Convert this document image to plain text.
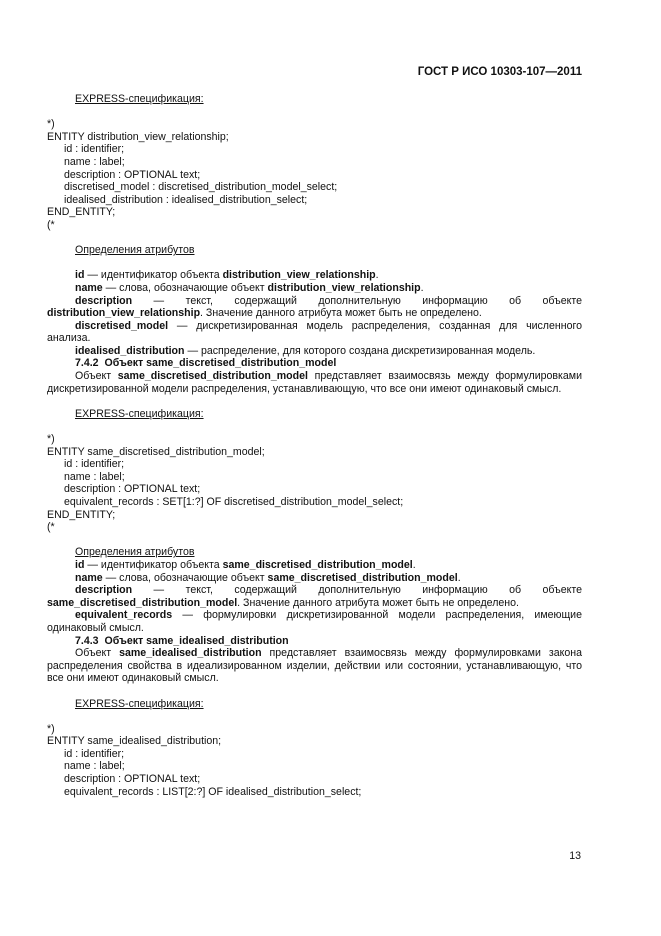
ГОСТ Р ИСО 10303-107—2011
EXPRESS-спецификация:
*)
ENTITY distribution_view_relationship;
id : identifier;
name : label;
description : OPTIONAL text;
discretised_model : discretised_distribution_model_select;
idealised_distribution : idealised_distribution_select;
END_ENTITY;
(*
Определения атрибутов

id — идентификатор объекта distribution_view_relationship.

name — слова, обозначающие объект distribution_view_relationship.

description — текст, содержащий дополнительную информацию об объекте distribution_view_relationship. Значение данного атрибута может быть не определено.

discretised_model — дискретизированная модель распределения, созданная для численного анализа.

idealised_distribution — распределение, для которого создана дискретизированная модель.

7.4.2 Объект same_discretised_distribution_model

Объект same_discretised_distribution_model представляет взаимосвязь между формулировками дискретизированной модели распределения, устанавливающую, что все они имеют одинаковый смысл.

EXPRESS-спецификация:
*)
ENTITY same_discretised_distribution_model;
id : identifier;
name : label;
description : OPTIONAL text;
equivalent_records : SET[1:?] OF discretised_distribution_model_select;
END_ENTITY;
(*
Определения атрибутов

id — идентификатор объекта same_discretised_distribution_model.

name — слова, обозначающие объект same_discretised_distribution_model.

description — текст, содержащий дополнительную информацию об объекте same_discretised_distribution_model. Значение данного атрибута может быть не определено.

equivalent_records — формулировки дискретизированной модели распределения, имеющие одинаковый смысл.

7.4.3 Объект same_idealised_distribution

Объект same_idealised_distribution представляет взаимосвязь между формулировками закона распределения свойства в идеализированном изделии, действии или состоянии, устанавливающую, что все они имеют одинаковый смысл.

EXPRESS-спецификация:
*)
ENTITY same_idealised_distribution;
id : identifier;
name : label;
description : OPTIONAL text;
equivalent_records : LIST[2:?] OF idealised_distribution_select;
13
